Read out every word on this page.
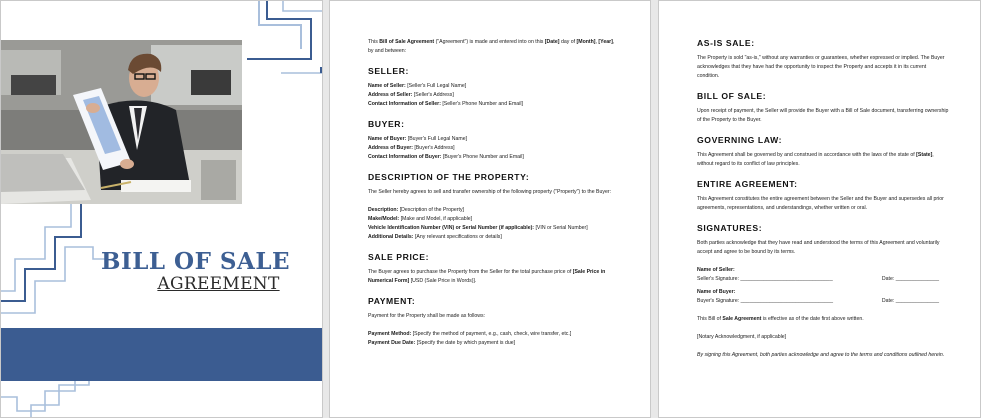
BILL OF SALE
AGREEMENT

This Bill of Sale Agreement ("Agreement") is made and entered into on this [Date] day of [Month], [Year], by and between:

SELLER:

Name of Seller: [Seller's Full Legal Name]

Address of Seller: [Seller's Address]

Contact Information of Seller: [Seller's Phone Number and Email]

BUYER:

Name of Buyer: [Buyer's Full Legal Name]

Address of Buyer: [Buyer's Address]

Contact Information of Buyer: [Buyer's Phone Number and Email]

DESCRIPTION OF THE PROPERTY:

The Seller hereby agrees to sell and transfer ownership of the following property ("Property") to the Buyer:

Description: [Description of the Property]

Make/Model: [Make and Model, if applicable]

Vehicle Identification Number (VIN) or Serial Number (if applicable): [VIN or Serial Number]

Additional Details: [Any relevant specifications or details]

SALE PRICE:

The Buyer agrees to purchase the Property from the Seller for the total purchase price of [Sale Price in Numerical Form] [USD (Sale Price in Words)].

PAYMENT:

Payment for the Property shall be made as follows:

Payment Method: [Specify the method of payment, e.g., cash, check, wire transfer, etc.]

Payment Due Date: [Specify the date by which payment is due]

AS-IS SALE:

The Property is sold "as-is," without any warranties or guarantees, whether expressed or implied. The Buyer acknowledges that they have had the opportunity to inspect the Property and accepts it in its current condition.

BILL OF SALE:

Upon receipt of payment, the Seller will provide the Buyer with a Bill of Sale document, transferring ownership of the Property to the Buyer.

GOVERNING LAW:

This Agreement shall be governed by and construed in accordance with the laws of the state of [State], without regard to its conflict of law principles.

ENTIRE AGREEMENT:

This Agreement constitutes the entire agreement between the Seller and the Buyer and supersedes all prior agreements, representations, and understandings, whether written or oral.

SIGNATURES:

Both parties acknowledge that they have read and understood the terms of this Agreement and voluntarily accept and agree to be bound by its terms.

Name of Seller:

Seller's Signature: ________________________________	Date: _______________

Name of Buyer:

Buyer's Signature: ________________________________	Date: _______________

This Bill of Sale Agreement is effective as of the date first above written.

[Notary Acknowledgment, if applicable]

By signing this Agreement, both parties acknowledge and agree to the terms and conditions outlined herein.
